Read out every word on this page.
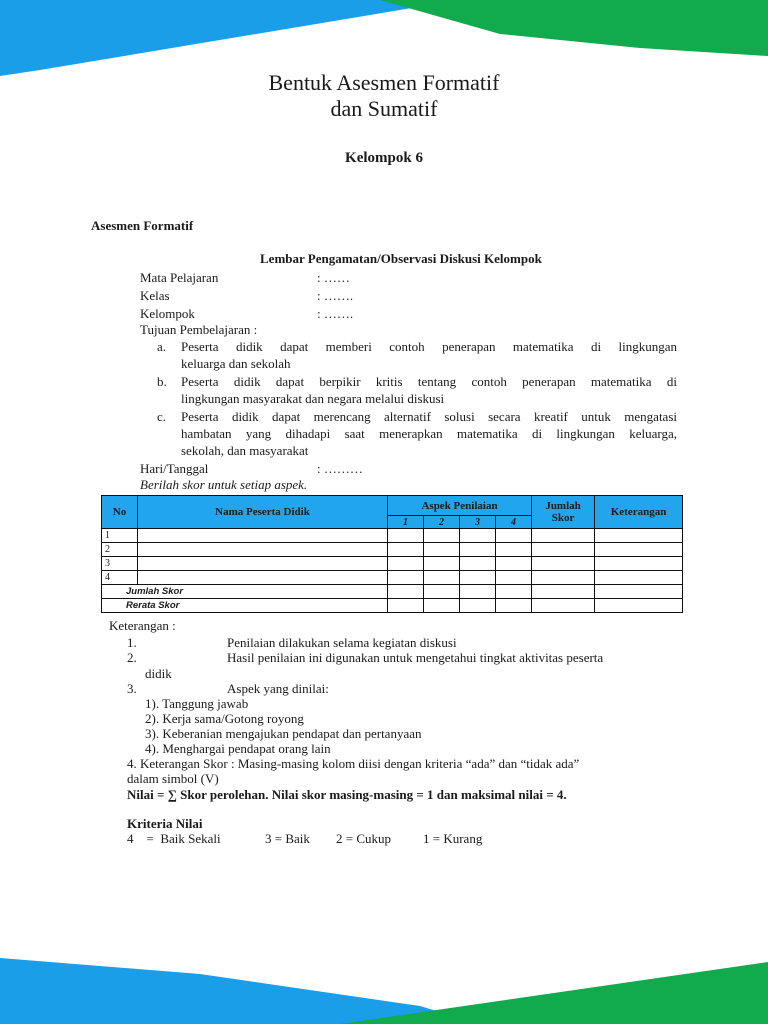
Bentuk Asesmen Formatif
dan Sumatif
Kelompok 6
Asesmen Formatif
Lembar Pengamatan/Observasi Diskusi Kelompok
Mata Pelajaran	: ……
Kelas	: …….
Kelompok	: …….
Tujuan Pembelajaran :
a. Peserta didik dapat memberi contoh penerapan matematika di lingkungan
keluarga dan sekolah
b. Peserta didik dapat berpikir kritis tentang contoh penerapan matematika di
lingkungan masyarakat dan negara melalui diskusi
c. Peserta didik dapat merencang alternatif solusi secara kreatif untuk mengatasi
hambatan yang dihadapi saat menerapkan matematika di lingkungan keluarga,
sekolah, dan masyarakat
Hari/Tanggal	: ………
Berilah skor untuk setiap aspek.
No	Nama Peserta Didik	Aspek Penilaian				Jumlah
Skor	Keterangan
		1	2	3	4		
1							
2							
3							
4							
Jumlah Skor							
Rerata Skor							
Keterangan :
1.	Penilaian dilakukan selama kegiatan diskusi
2.	Hasil penilaian ini digunakan untuk mengetahui tingkat aktivitas peserta
didik
3.	Aspek yang dinilai:
1). Tanggung jawab
2). Kerja sama/Gotong royong
3). Keberanian mengajukan pendapat dan pertanyaan
4). Menghargai pendapat orang lain
4. Keterangan Skor : Masing-masing kolom diisi dengan kriteria “ada” dan “tidak ada”
dalam simbol (V)
Nilai = ∑ Skor perolehan. Nilai skor masing-masing = 1 dan maksimal nilai = 4.
Kriteria Nilai
4    =  Baik Sekali	3 = Baik 2 = Cukup 1 = Kurang
